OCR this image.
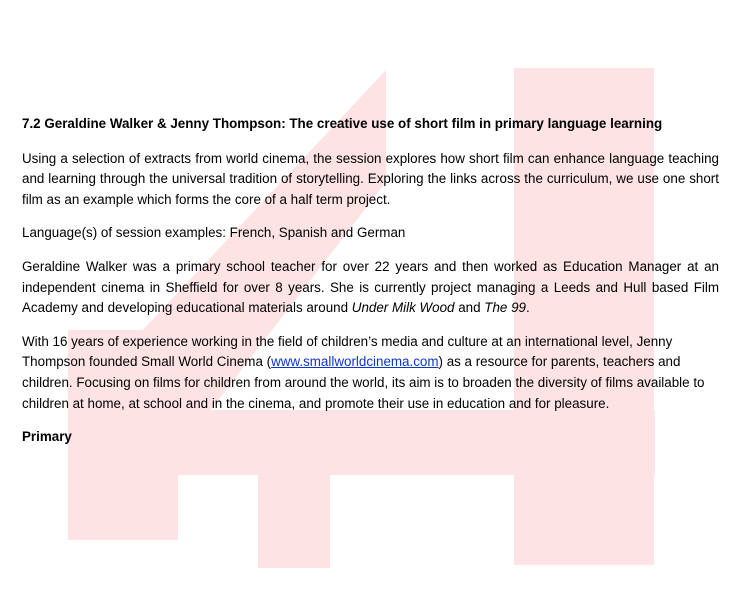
7.2 Geraldine Walker & Jenny Thompson: The creative use of short film in primary language learning

Using a selection of extracts from world cinema, the session explores how short film can enhance language teaching and learning through the universal tradition of storytelling. Exploring the links across the curriculum, we use one short film as an example which forms the core of a half term project.

Language(s) of session examples: French, Spanish and German

Geraldine Walker was a primary school teacher for over 22 years and then worked as Education Manager at an independent cinema in Sheffield for over 8 years. She is currently project managing a Leeds and Hull based Film Academy and developing educational materials around Under Milk Wood and The 99.

With 16 years of experience working in the field of children’s media and culture at an international level, Jenny Thompson founded Small World Cinema (www.smallworldcinema.com) as a resource for parents, teachers and children. Focusing on films for children from around the world, its aim is to broaden the diversity of films available to children at home, at school and in the cinema, and promote their use in education and for pleasure.

Primary
